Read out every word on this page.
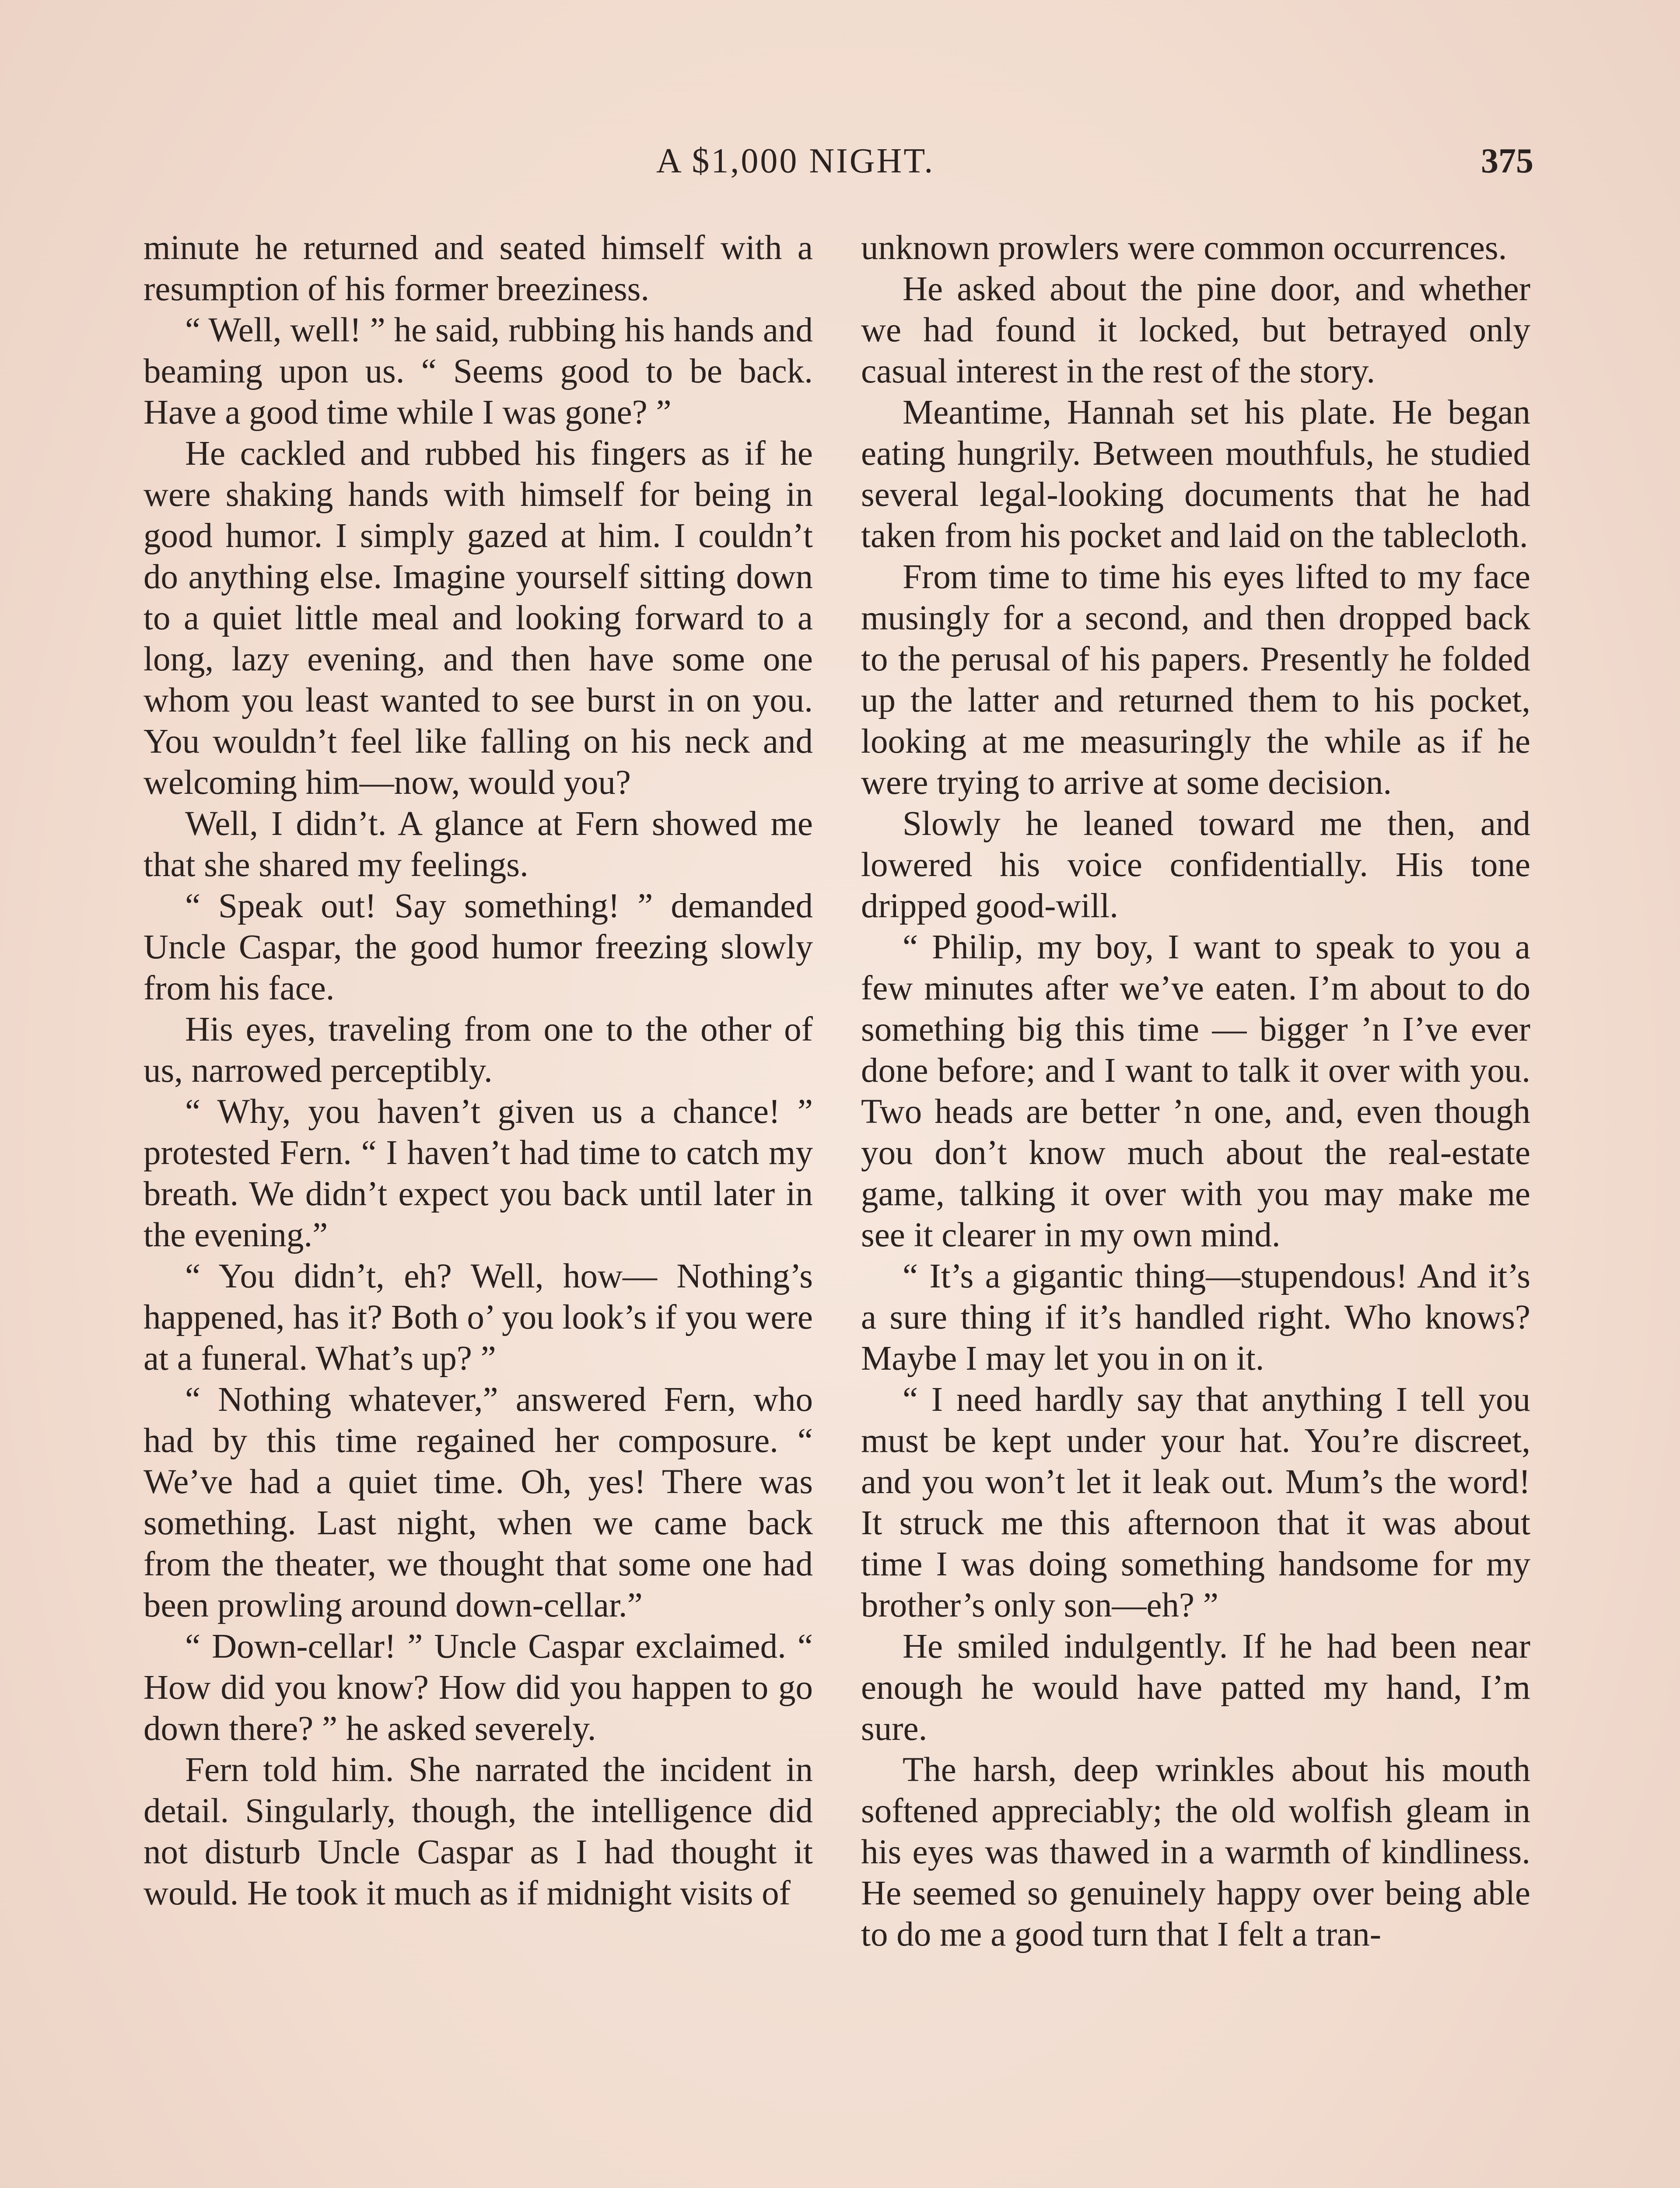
A $1,000 NIGHT.	375

minute he returned and seated himself with a resumption of his former breeziness.

“ Well, well! ” he said, rubbing his hands and beaming upon us. “ Seems good to be back. Have a good time while I was gone? ”

He cackled and rubbed his fingers as if he were shaking hands with himself for being in good humor. I simply gazed at him. I couldn’t do anything else. Imagine yourself sitting down to a quiet little meal and looking forward to a long, lazy evening, and then have some one whom you least wanted to see burst in on you. You wouldn’t feel like falling on his neck and welcoming him—now, would you?

Well, I didn’t. A glance at Fern showed me that she shared my feelings.

“ Speak out! Say something! ” demanded Uncle Caspar, the good humor freezing slowly from his face.

His eyes, traveling from one to the other of us, narrowed perceptibly.

“ Why, you haven’t given us a chance! ” protested Fern. “ I haven’t had time to catch my breath. We didn’t expect you back until later in the evening.”

“ You didn’t, eh? Well, how— Nothing’s happened, has it? Both o’ you look’s if you were at a funeral. What’s up? ”

“ Nothing whatever,” answered Fern, who had by this time regained her composure. “ We’ve had a quiet time. Oh, yes! There was something. Last night, when we came back from the theater, we thought that some one had been prowling around down-cellar.”

“ Down-cellar! ” Uncle Caspar exclaimed. “ How did you know? How did you happen to go down there? ” he asked severely.

Fern told him. She narrated the incident in detail. Singularly, though, the intelligence did not disturb Uncle Caspar as I had thought it would. He took it much as if midnight visits of

unknown prowlers were common occurrences.

He asked about the pine door, and whether we had found it locked, but betrayed only casual interest in the rest of the story.

Meantime, Hannah set his plate. He began eating hungrily. Between mouthfuls, he studied several legal-looking documents that he had taken from his pocket and laid on the tablecloth.

From time to time his eyes lifted to my face musingly for a second, and then dropped back to the perusal of his papers. Presently he folded up the latter and returned them to his pocket, looking at me measuringly the while as if he were trying to arrive at some decision.

Slowly he leaned toward me then, and lowered his voice confidentially. His tone dripped good-will.

“ Philip, my boy, I want to speak to you a few minutes after we’ve eaten. I’m about to do something big this time — bigger ’n I’ve ever done before; and I want to talk it over with you. Two heads are better ’n one, and, even though you don’t know much about the real-estate game, talking it over with you may make me see it clearer in my own mind.

“ It’s a gigantic thing—stupendous! And it’s a sure thing if it’s handled right. Who knows? Maybe I may let you in on it.

“ I need hardly say that anything I tell you must be kept under your hat. You’re discreet, and you won’t let it leak out. Mum’s the word! It struck me this afternoon that it was about time I was doing something handsome for my brother’s only son—eh? ”

He smiled indulgently. If he had been near enough he would have patted my hand, I’m sure.

The harsh, deep wrinkles about his mouth softened appreciably; the old wolfish gleam in his eyes was thawed in a warmth of kindliness. He seemed so genuinely happy over being able to do me a good turn that I felt a tran-
